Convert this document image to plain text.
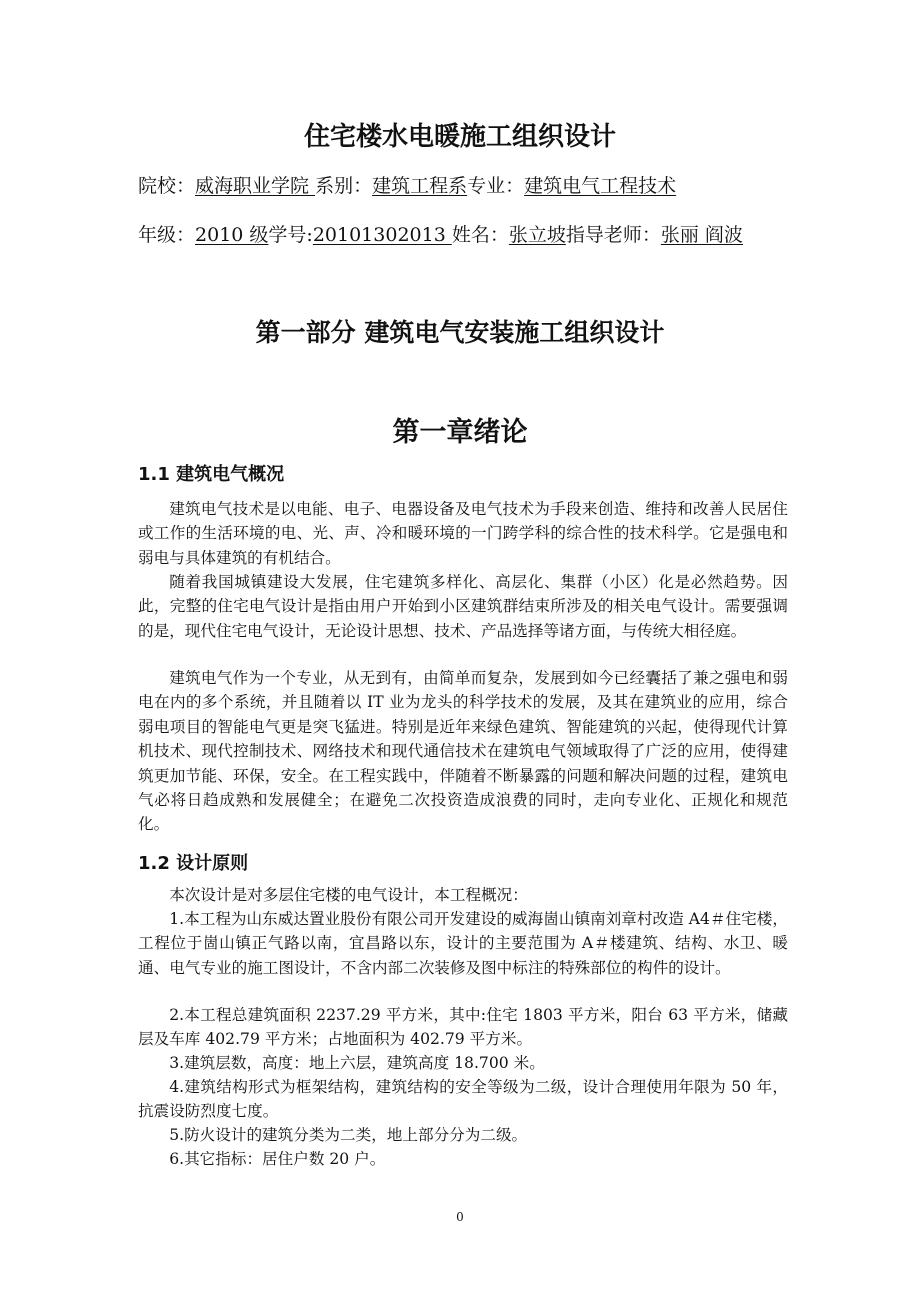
住宅楼水电暖施工组织设计

院校：威海职业学院 系别：建筑工程系专业：建筑电气工程技术

年级：2010 级学号:20101302013 姓名：张立坡指导老师：张丽 阎波

第一部分 建筑电气安装施工组织设计
第一章绪论
1.1 建筑电气概况

建筑电气技术是以电能、电子、电器设备及电气技术为手段来创造、维持和改善人民居住或工作的生活环境的电、光、声、冷和暖环境的一门跨学科的综合性的技术科学。它是强电和弱电与具体建筑的有机结合。

随着我国城镇建设大发展，住宅建筑多样化、高层化、集群（小区）化是必然趋势。因此，完整的住宅电气设计是指由用户开始到小区建筑群结束所涉及的相关电气设计。需要强调的是，现代住宅电气设计，无论设计思想、技术、产品选择等诸方面，与传统大相径庭。

建筑电气作为一个专业，从无到有，由简单而复杂，发展到如今已经囊括了兼之强电和弱电在内的多个系统，并且随着以 IT 业为龙头的科学技术的发展，及其在建筑业的应用，综合弱电项目的智能电气更是突飞猛进。特别是近年来绿色建筑、智能建筑的兴起，使得现代计算机技术、现代控制技术、网络技术和现代通信技术在建筑电气领域取得了广泛的应用，使得建筑更加节能、环保，安全。在工程实践中，伴随着不断暴露的问题和解决问题的过程，建筑电气必将日趋成熟和发展健全；在避免二次投资造成浪费的同时，走向专业化、正规化和规范化。

1.2 设计原则

本次设计是对多层住宅楼的电气设计，本工程概况：

1.本工程为山东威达置业股份有限公司开发建设的威海崮山镇南刘章村改造 A4＃住宅楼，工程位于崮山镇正气路以南，宜昌路以东，设计的主要范围为 A＃楼建筑、结构、水卫、暖通、电气专业的施工图设计，不含内部二次装修及图中标注的特殊部位的构件的设计。

2.本工程总建筑面积 2237.29 平方米，其中:住宅 1803 平方米，阳台 63 平方米，储藏层及车库 402.79 平方米；占地面积为 402.79 平方米。

3.建筑层数，高度：地上六层，建筑高度 18.700 米。

4.建筑结构形式为框架结构，建筑结构的安全等级为二级，设计合理使用年限为 50 年，抗震设防烈度七度。

5.防火设计的建筑分类为二类，地上部分分为二级。

6.其它指标：居住户数 20 户。

0
